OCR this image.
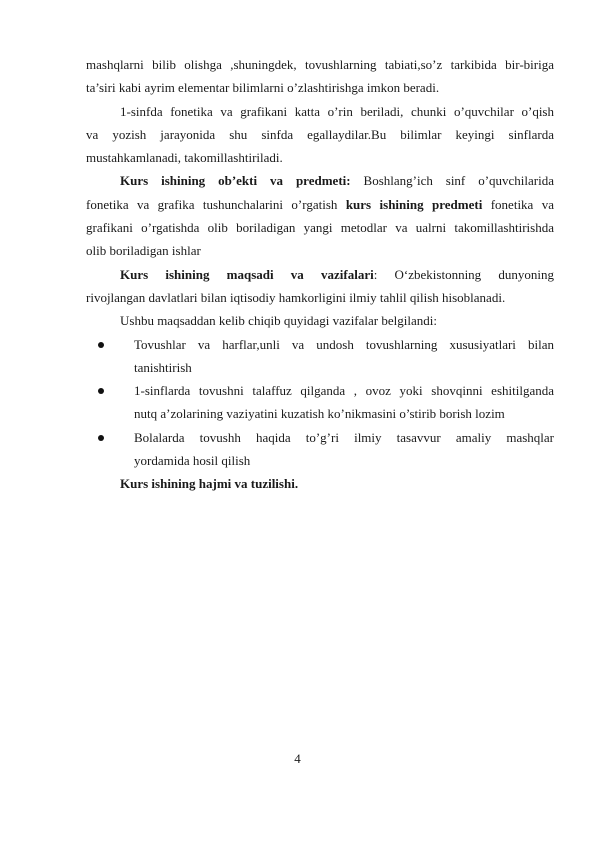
mashqlarni bilib olishga ,shuningdek, tovushlarning tabiati,so’z tarkibida bir-biriga

ta’siri kabi ayrim elementar bilimlarni o’zlashtirishga imkon beradi.

1-sinfda fonetika va grafikani katta o’rin beriladi, chunki o’quvchilar o’qish

va yozish jarayonida shu sinfda egallaydilar.Bu bilimlar keyingi sinflarda

mustahkamlanadi, takomillashtiriladi.

Kurs ishining ob’ekti va predmeti: Boshlang’ich sinf o’quvchilarida

fonetika va grafika tushunchalarini o’rgatish kurs ishining predmeti fonetika va

grafikani o’rgatishda olib boriladigan yangi metodlar va ualrni takomillashtirishda

olib boriladigan ishlar

Kurs ishining maqsadi va vazifalari: O‘zbekistonning dunyoning

rivojlangan davlatlari bilan iqtisodiy hamkorligini ilmiy tahlil qilish hisoblanadi.

Ushbu maqsaddan kelib chiqib quyidagi vazifalar belgilandi:

Tovushlar va harflar,unli va undosh tovushlarning xususiyatlari bilan
tanishtirish
1-sinflarda tovushni talaffuz qilganda , ovoz yoki shovqinni eshitilganda
nutq a’zolarining vaziyatini kuzatish ko’nikmasini o’stirib borish lozim
Bolalarda tovushh haqida to’g’ri ilmiy tasavvur amaliy mashqlar
yordamida hosil qilish

Kurs ishining hajmi va tuzilishi.

4
